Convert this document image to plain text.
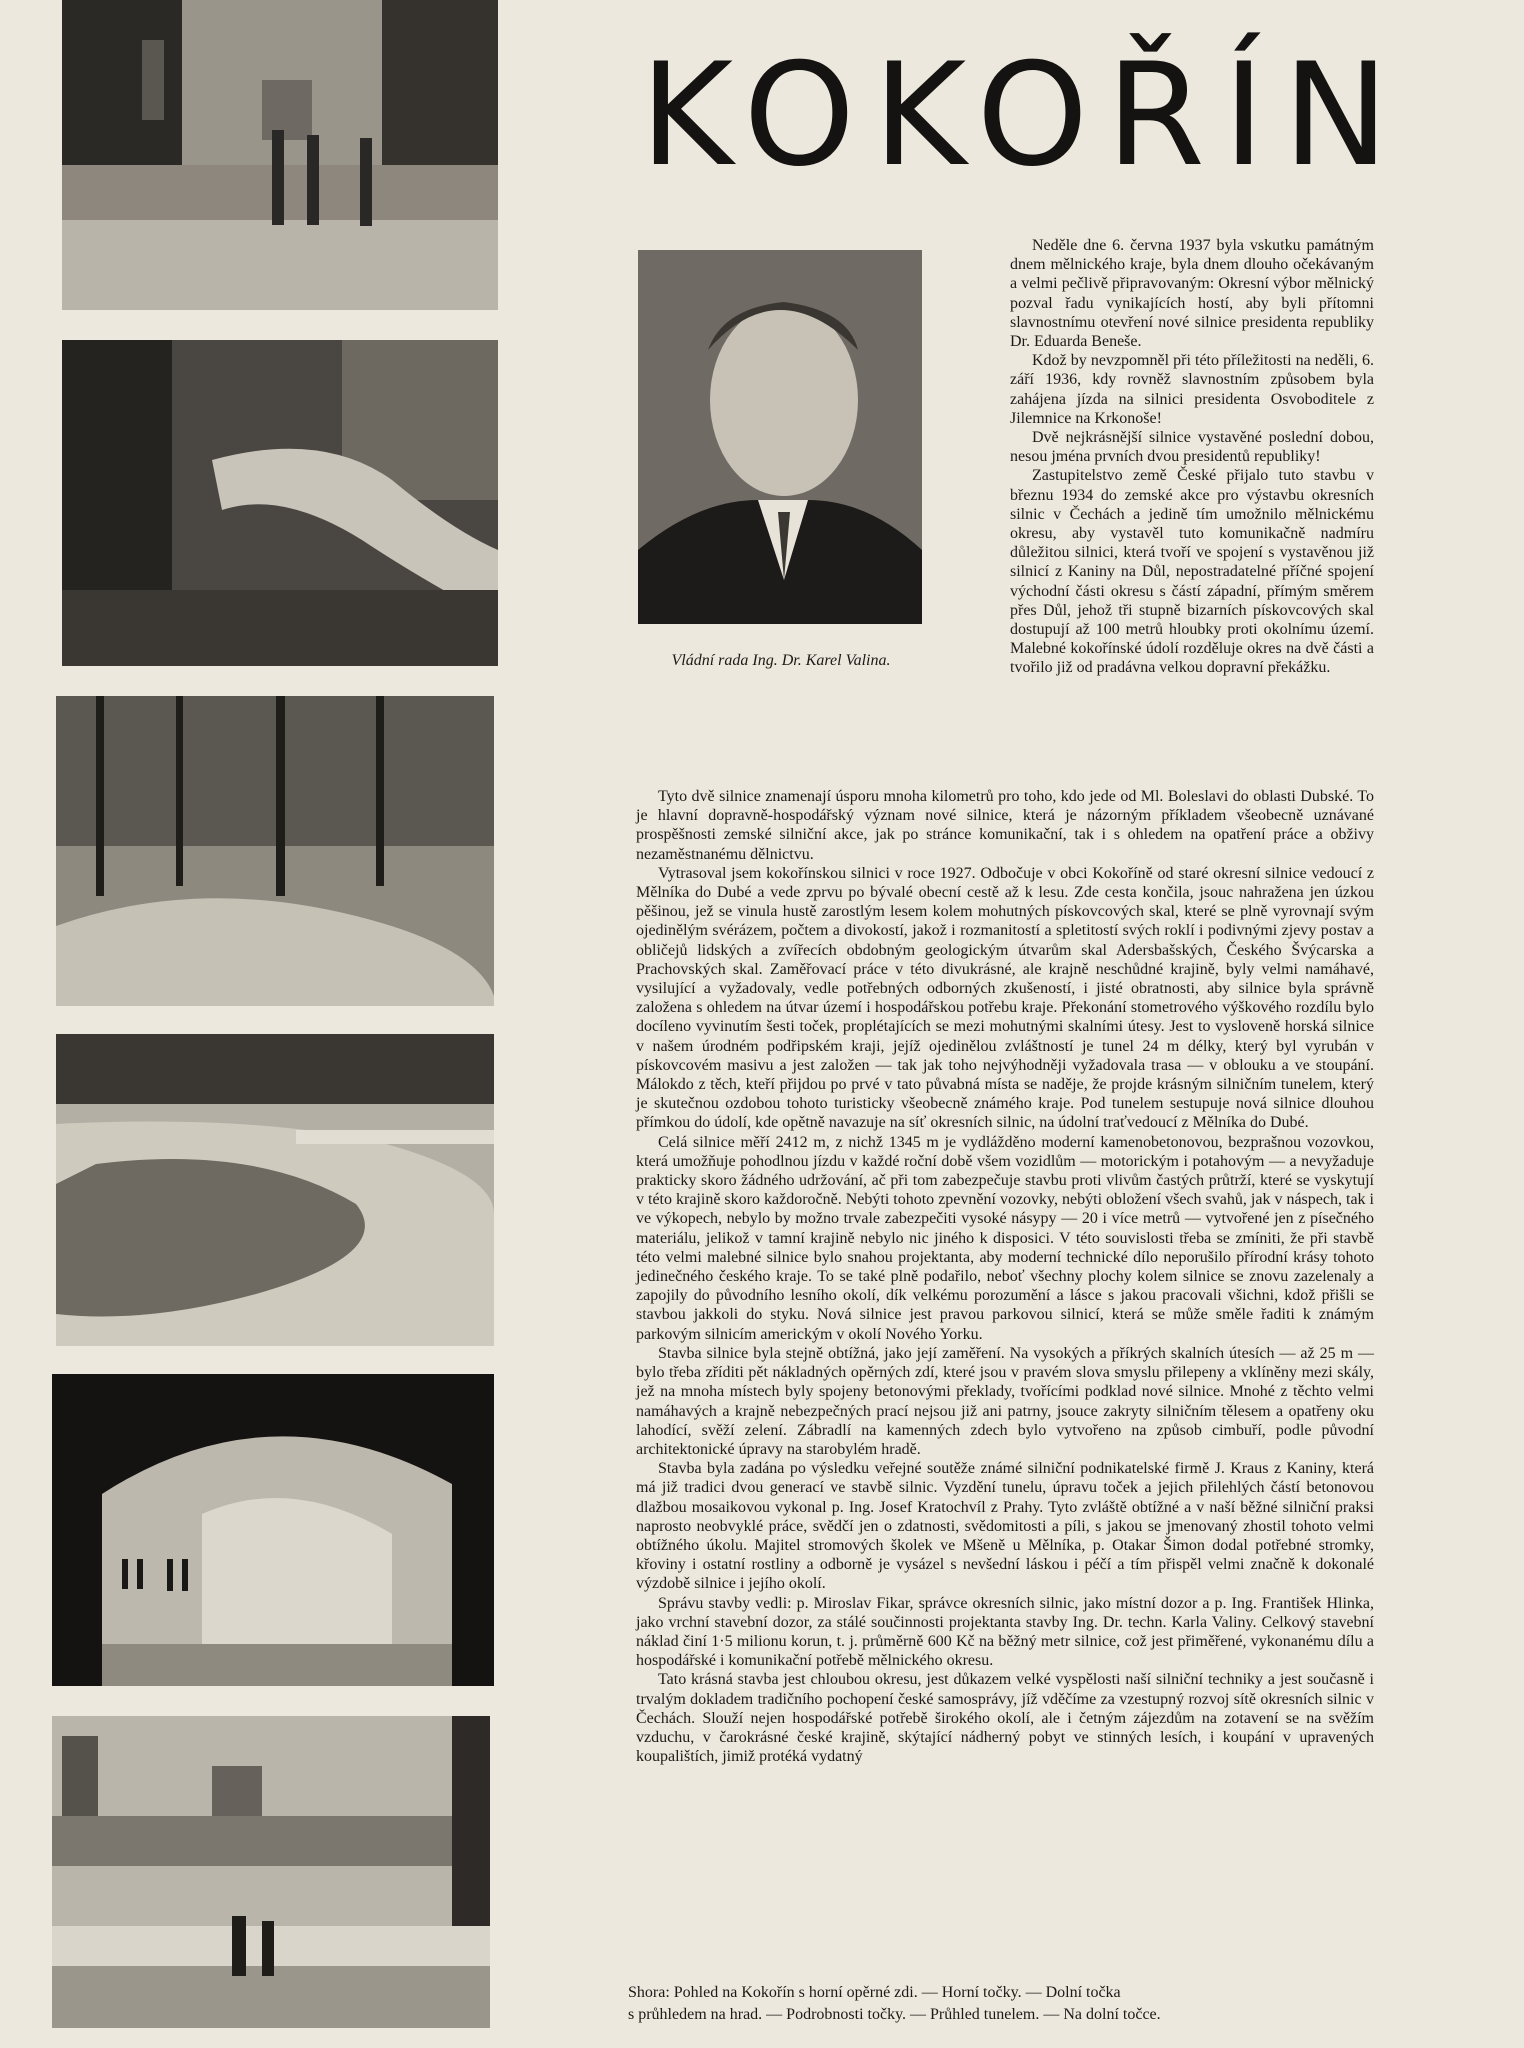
KOKOŘÍN

Vládní rada Ing. Dr. Karel Valina.

Neděle dne 6. června 1937 byla vskutku památným dnem mělnického kraje, byla dnem dlouho očekávaným a velmi pečlivě připravovaným: Okresní výbor mělnický pozval řadu vynikajících hostí, aby byli přítomni slavnostnímu otevření nové silnice presidenta republiky Dr. Eduarda Beneše.

Kdož by nevzpomněl při této příležitosti na neděli, 6. září 1936, kdy rovněž slavnostním způsobem byla zahájena jízda na silnici presidenta Osvoboditele z Jilemnice na Krkonoše!

Dvě nejkrásnější silnice vystavěné poslední dobou, nesou jména prvních dvou presidentů republiky!

Zastupitelstvo země České přijalo tuto stavbu v březnu 1934 do zemské akce pro výstavbu okresních silnic v Čechách a jedině tím umožnilo mělnickému okresu, aby vystavěl tuto komunikačně nadmíru důležitou silnici, která tvoří ve spojení s vystavěnou již silnicí z Kaniny na Důl, nepostradatelné příčné spojení východní části okresu s částí západní, přímým směrem přes Důl, jehož tři stupně bizarních pískovcových skal dostupují až 100 metrů hloubky proti okolnímu území. Malebné kokořínské údolí rozděluje okres na dvě části a tvořilo již od pradávna velkou dopravní překážku.

Tyto dvě silnice znamenají úsporu mnoha kilometrů pro toho, kdo jede od Ml. Boleslavi do oblasti Dubské. To je hlavní dopravně-hospodářský význam nové silnice, která je názorným příkladem všeobecně uznávané prospěšnosti zemské silniční akce, jak po stránce komunikační, tak i s ohledem na opatření práce a obživy nezaměstnanému dělnictvu.

Vytrasoval jsem kokořínskou silnici v roce 1927. Odbočuje v obci Kokoříně od staré okresní silnice vedoucí z Mělníka do Dubé a vede zprvu po bývalé obecní cestě až k lesu. Zde cesta končila, jsouc nahražena jen úzkou pěšinou, jež se vinula hustě zarostlým lesem kolem mohutných pískovcových skal, které se plně vyrovnají svým ojedinělým svérázem, počtem a divokostí, jakož i rozmanitostí a spletitostí svých roklí i podivnými zjevy postav a obličejů lidských a zvířecích obdobným geologickým útvarům skal Adersbašských, Českého Švýcarska a Prachovských skal. Zaměřovací práce v této divukrásné, ale krajně neschůdné krajině, byly velmi namáhavé, vysilující a vyžadovaly, vedle potřebných odborných zkušeností, i jisté obratnosti, aby silnice byla správně založena s ohledem na útvar území i hospodářskou potřebu kraje. Překonání stometrového výškového rozdílu bylo docíleno vyvinutím šesti toček, proplétajících se mezi mohutnými skalními útesy. Jest to vysloveně horská silnice v našem úrodném podřipském kraji, jejíž ojedinělou zvláštností je tunel 24 m délky, který byl vyrubán v pískovcovém masivu a jest založen — tak jak toho nejvýhodněji vyžadovala trasa — v oblouku a ve stoupání. Málokdo z těch, kteří přijdou po prvé v tato půvabná místa se naděje, že projde krásným silničním tunelem, který je skutečnou ozdobou tohoto turisticky všeobecně známého kraje. Pod tunelem sestupuje nová silnice dlouhou přímkou do údolí, kde opětně navazuje na síť okresních silnic, na údolní traťvedoucí z Mělníka do Dubé.

Celá silnice měří 2412 m, z nichž 1345 m je vydlážděno moderní kamenobetonovou, bezprašnou vozovkou, která umožňuje pohodlnou jízdu v každé roční době všem vozidlům — motorickým i potahovým — a nevyžaduje prakticky skoro žádného udržování, ač při tom zabezpečuje stavbu proti vlivům častých průtrží, které se vyskytují v této krajině skoro každoročně. Nebýti tohoto zpevnění vozovky, nebýti obložení všech svahů, jak v náspech, tak i ve výkopech, nebylo by možno trvale zabezpečiti vysoké násypy — 20 i více metrů — vytvořené jen z písečného materiálu, jelikož v tamní krajině nebylo nic jiného k disposici. V této souvislosti třeba se zmíniti, že při stavbě této velmi malebné silnice bylo snahou projektanta, aby moderní technické dílo neporušilo přírodní krásy tohoto jedinečného českého kraje. To se také plně podařilo, neboť všechny plochy kolem silnice se znovu zazelenaly a zapojily do původního lesního okolí, dík velkému porozumění a lásce s jakou pracovali všichni, kdož přišli se stavbou jakkoli do styku. Nová silnice jest pravou parkovou silnicí, která se může směle řaditi k známým parkovým silnicím americkým v okolí Nového Yorku.

Stavba silnice byla stejně obtížná, jako její zaměření. Na vysokých a příkrých skalních útesích — až 25 m — bylo třeba zříditi pět nákladných opěrných zdí, které jsou v pravém slova smyslu přilepeny a vklíněny mezi skály, jež na mnoha místech byly spojeny betonovými překlady, tvořícími podklad nové silnice. Mnohé z těchto velmi namáhavých a krajně nebezpečných prací nejsou již ani patrny, jsouce zakryty silničním tělesem a opatřeny oku lahodící, svěží zelení. Zábradlí na kamenných zdech bylo vytvořeno na způsob cimbuří, podle původní architektonické úpravy na starobylém hradě.

Stavba byla zadána po výsledku veřejné soutěže známé silniční podnikatelské firmě J. Kraus z Kaniny, která má již tradici dvou generací ve stavbě silnic. Vyzdění tunelu, úpravu toček a jejich přilehlých částí betonovou dlažbou mosaikovou vykonal p. Ing. Josef Kratochvíl z Prahy. Tyto zvláště obtížné a v naší běžné silniční praksi naprosto neobvyklé práce, svědčí jen o zdatnosti, svědomitosti a píli, s jakou se jmenovaný zhostil tohoto velmi obtížného úkolu. Majitel stromových školek ve Mšeně u Mělníka, p. Otakar Šimon dodal potřebné stromky, křoviny i ostatní rostliny a odborně je vysázel s nevšední láskou i péčí a tím přispěl velmi značně k dokonalé výzdobě silnice i jejího okolí.

Správu stavby vedli: p. Miroslav Fikar, správce okresních silnic, jako místní dozor a p. Ing. František Hlinka, jako vrchní stavební dozor, za stálé součinnosti projektanta stavby Ing. Dr. techn. Karla Valiny. Celkový stavební náklad činí 1·5 milionu korun, t. j. průměrně 600 Kč na běžný metr silnice, což jest přiměřené, vykonanému dílu a hospodářské i komunikační potřebě mělnického okresu.

Tato krásná stavba jest chloubou okresu, jest důkazem velké vyspělosti naší silniční techniky a jest současně i trvalým dokladem tradičního pochopení české samosprávy, jíž vděčíme za vzestupný rozvoj sítě okresních silnic v Čechách. Slouží nejen hospodářské potřebě širokého okolí, ale i četným zájezdům na zotavení se na svěžím vzduchu, v čarokrásné české krajině, skýtající nádherný pobyt ve stinných lesích, i koupání v upravených koupalištích, jimiž protéká vydatný

Shora: Pohled na Kokořín s horní opěrné zdi. — Horní točky. — Dolní točka
s průhledem na hrad. — Podrobnosti točky. — Průhled tunelem. — Na dolní točce.
